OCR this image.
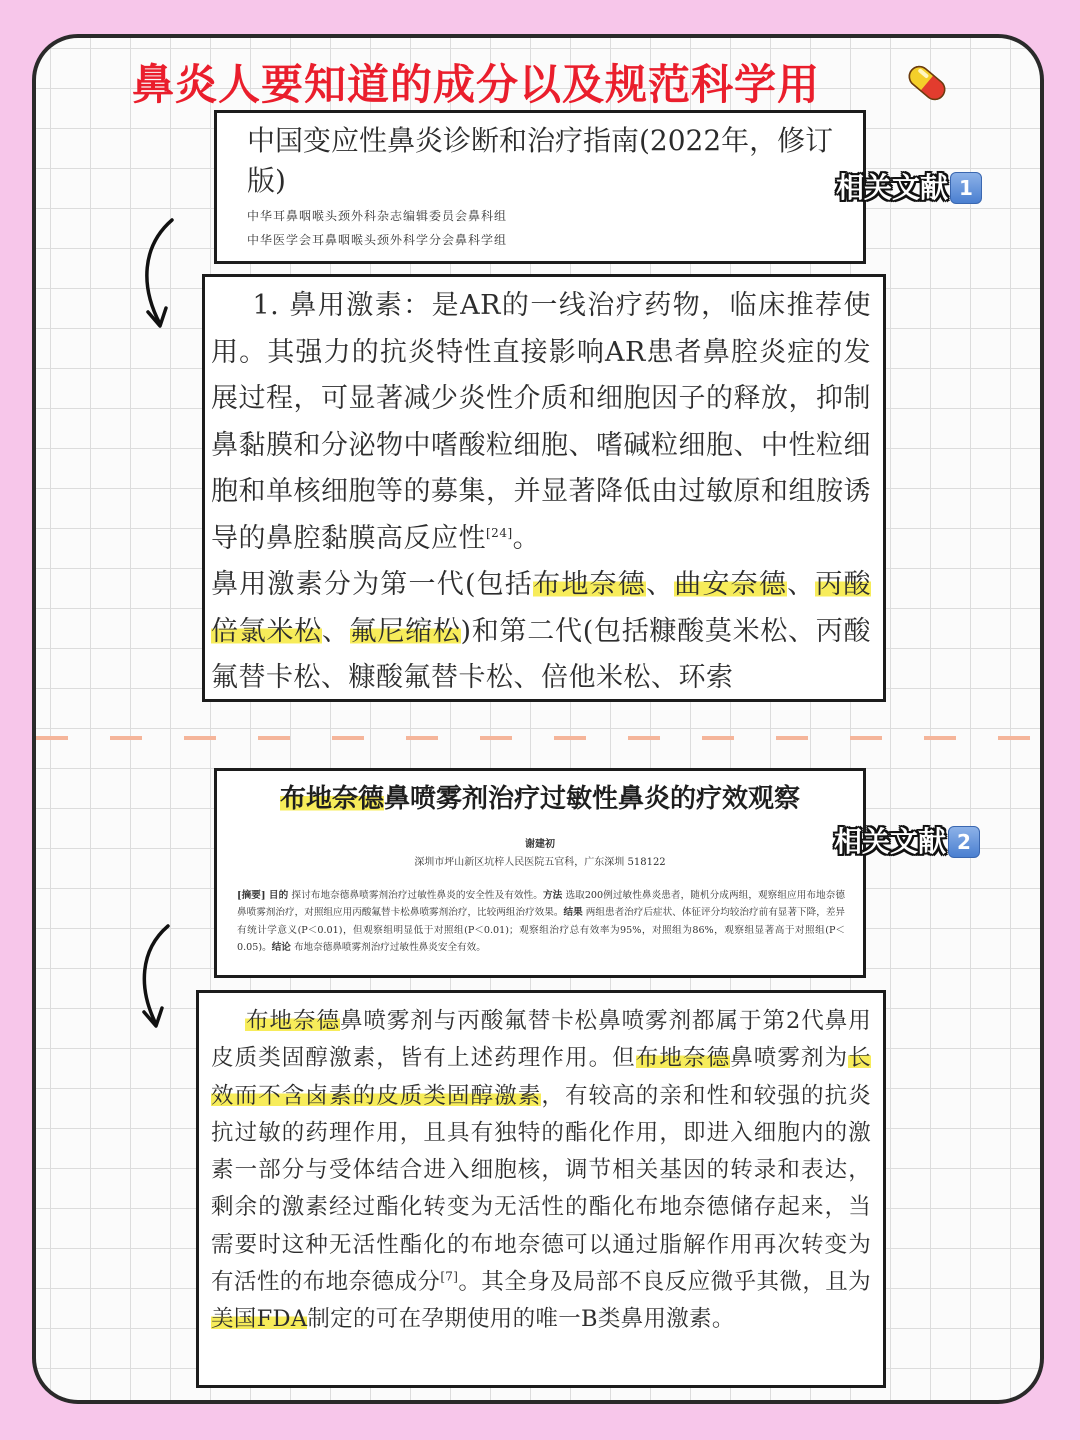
鼻炎人要知道的成分以及规范科学用
中国变应性鼻炎诊断和治疗指南(2022年，修订版)

中华耳鼻咽喉头颈外科杂志编辑委员会鼻科组

中华医学会耳鼻咽喉头颈外科学分会鼻科学组

相关文献 1

  1. 鼻用激素：是AR的一线治疗药物，临床推荐使用。其强力的抗炎特性直接影响AR患者鼻腔炎症的发展过程，可显著减少炎性介质和细胞因子的释放，抑制鼻黏膜和分泌物中嗜酸粒细胞、嗜碱粒细胞、中性粒细胞和单核细胞等的募集，并显著降低由过敏原和组胺诱导的鼻腔黏膜高反应性[24]。
鼻用激素分为第一代(包括布地奈德、曲安奈德、丙酸倍氯米松、氟尼缩松)和第二代(包括糠酸莫米松、丙酸氟替卡松、糠酸氟替卡松、倍他米松、环索

布地奈德鼻喷雾剂治疗过敏性鼻炎的疗效观察

谢建初

深圳市坪山新区坑梓人民医院五官科，广东深圳 518122

[摘要] 目的 探讨布地奈德鼻喷雾剂治疗过敏性鼻炎的安全性及有效性。方法 选取200例过敏性鼻炎患者，随机分成两组，观察组应用布地奈德鼻喷雾剂治疗，对照组应用丙酸氟替卡松鼻喷雾剂治疗，比较两组治疗效果。结果 两组患者治疗后症状、体征评分均较治疗前有显著下降，差异有统计学意义(P＜0.01)，但观察组明显低于对照组(P＜0.01)；观察组治疗总有效率为95%，对照组为86%，观察组显著高于对照组(P＜0.05)。结论 布地奈德鼻喷雾剂治疗过敏性鼻炎安全有效。

相关文献 2

  布地奈德鼻喷雾剂与丙酸氟替卡松鼻喷雾剂都属于第2代鼻用皮质类固醇激素，皆有上述药理作用。但布地奈德鼻喷雾剂为长效而不含卤素的皮质类固醇激素，有较高的亲和性和较强的抗炎抗过敏的药理作用，且具有独特的酯化作用，即进入细胞内的激素一部分与受体结合进入细胞核，调节相关基因的转录和表达，剩余的激素经过酯化转变为无活性的酯化布地奈德储存起来，当需要时这种无活性酯化的布地奈德可以通过脂解作用再次转变为有活性的布地奈德成分[7]。其全身及局部不良反应微乎其微，且为美国FDA制定的可在孕期使用的唯一B类鼻用激素。
